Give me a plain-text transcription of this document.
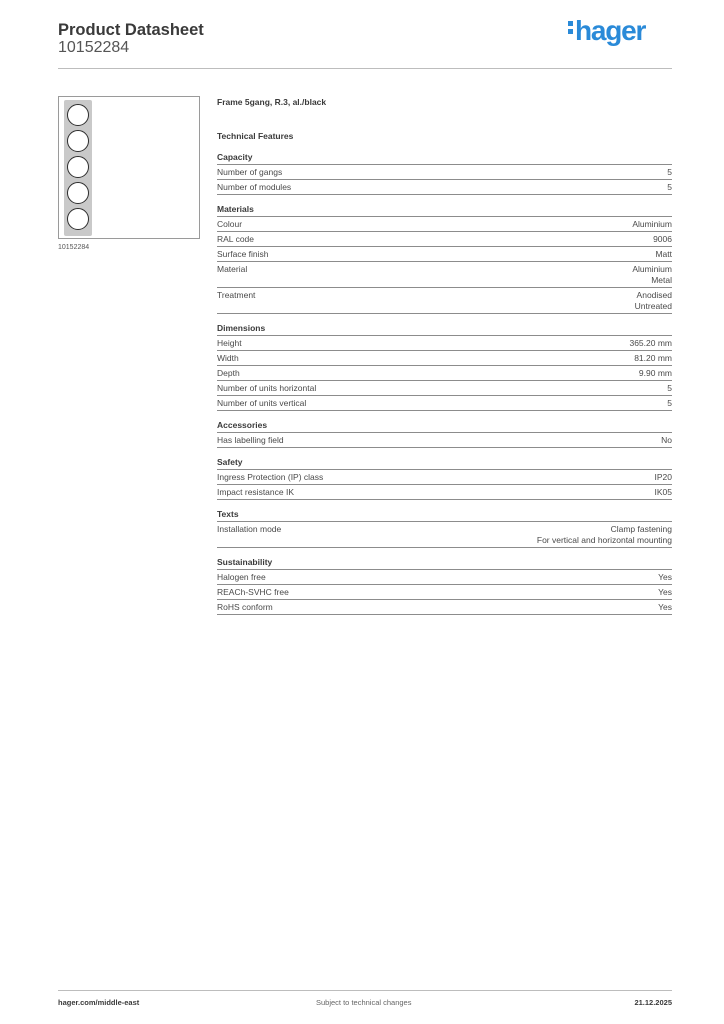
Product Datasheet
10152284
hager
10152284
Frame 5gang, R.3, al./black
Technical Features
Capacity
Number of gangs	5
Number of modules	5
Materials
Colour	Aluminium
RAL code	9006
Surface finish	Matt
Material	Aluminium
Metal
Treatment	Anodised
Untreated
Dimensions
Height	365.20 mm
Width	81.20 mm
Depth	9.90 mm
Number of units horizontal	5
Number of units vertical	5
Accessories
Has labelling field	No
Safety
Ingress Protection (IP) class	IP20
Impact resistance IK	IK05
Texts
Installation mode	Clamp fastening
For vertical and horizontal mounting
Sustainability
Halogen free	Yes
REACh-SVHC free	Yes
RoHS conform	Yes
hager.com/middle-east	Subject to technical changes	21.12.2025
